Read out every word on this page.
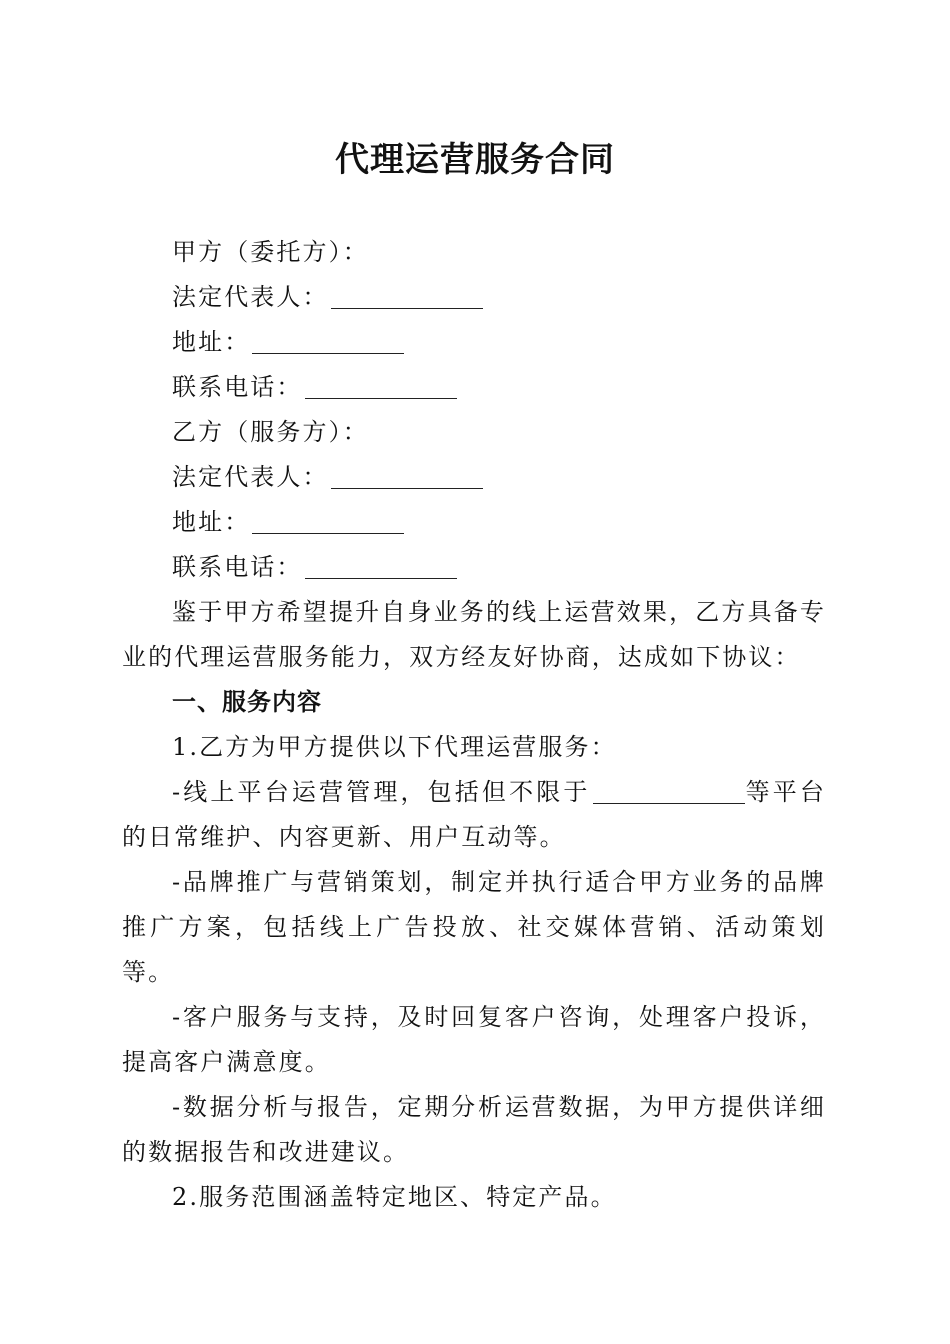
代理运营服务合同
甲方（委托方）：
法定代表人：
地址：
联系电话：
乙方（服务方）：
法定代表人：
地址：
联系电话：
鉴于甲方希望提升自身业务的线上运营效果，乙方具备专业的代理运营服务能力，双方经友好协商，达成如下协议：
一、服务内容
1.乙方为甲方提供以下代理运营服务：
-线上平台运营管理，包括但不限于	等平台的日常维护、内容更新、用户互动等。
-品牌推广与营销策划，制定并执行适合甲方业务的品牌推广方案，包括线上广告投放、社交媒体营销、活动策划等。
-客户服务与支持，及时回复客户咨询，处理客户投诉，提高客户满意度。
-数据分析与报告，定期分析运营数据，为甲方提供详细的数据报告和改进建议。
2.服务范围涵盖特定地区、特定产品。
